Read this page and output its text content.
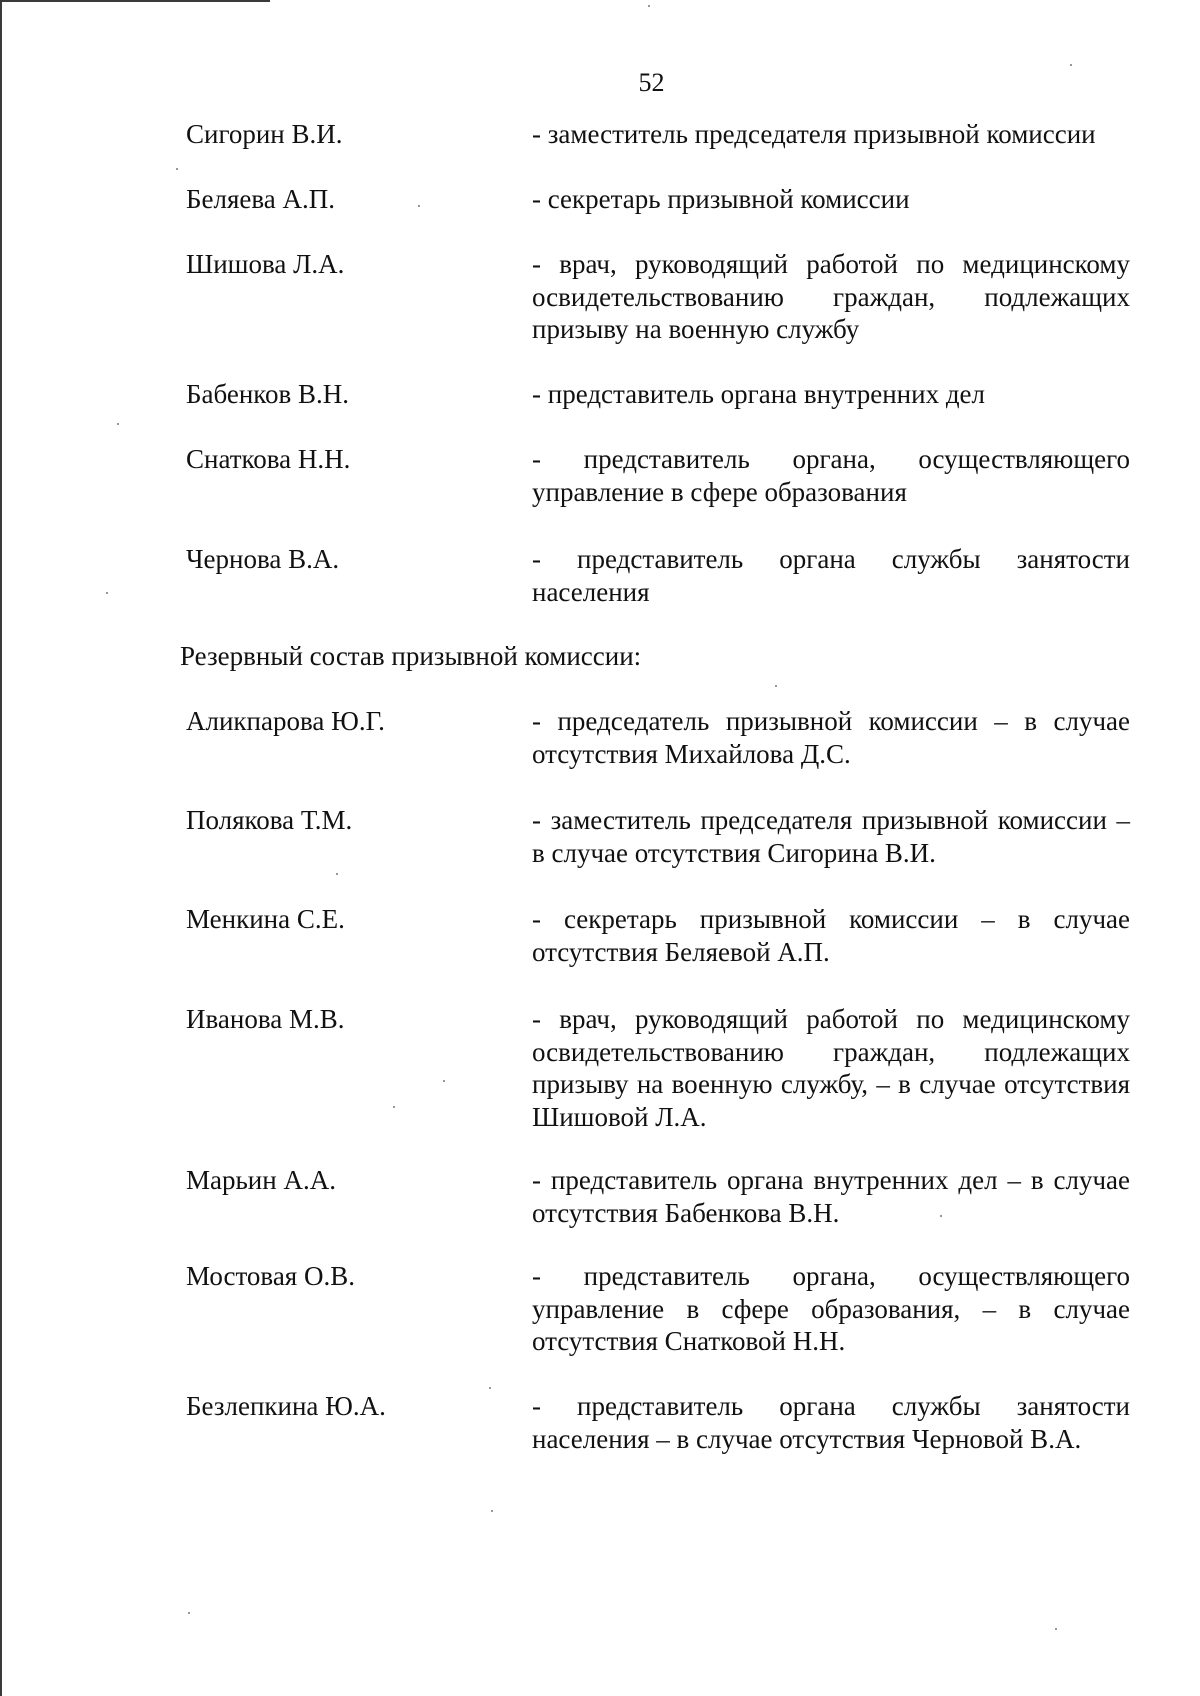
52
Сигорин В.И.	- заместитель председателя призывной комиссии
Беляева А.П.	- секретарь призывной комиссии
Шишова Л.А.	- врач, руководящий работой по медицинскому освидетельствованию граждан, подлежащих призыву на военную службу
Бабенков В.Н.	- представитель органа внутренних дел
Снаткова Н.Н.	- представитель органа, осуществляющего управление в сфере образования
Чернова В.А.	- представитель органа службы занятости населения
Резервный состав призывной комиссии:
Аликпарова Ю.Г.	- председатель призывной комиссии – в случае отсутствия Михайлова Д.С.
Полякова Т.М.	- заместитель председателя призывной комиссии – в случае отсутствия Сигорина В.И.
Менкина С.Е.	- секретарь призывной комиссии – в случае отсутствия Беляевой А.П.
Иванова М.В.	- врач, руководящий работой по медицинскому освидетельствованию граждан, подлежащих призыву на военную службу, – в случае отсутствия Шишовой Л.А.
Марьин А.А.	- представитель органа внутренних дел – в случае отсутствия Бабенкова В.Н.
Мостовая О.В.	- представитель органа, осуществляющего управление в сфере образования, – в случае отсутствия Снатковой Н.Н.
Безлепкина Ю.А.	- представитель органа службы занятости населения – в случае отсутствия Черновой В.А.
